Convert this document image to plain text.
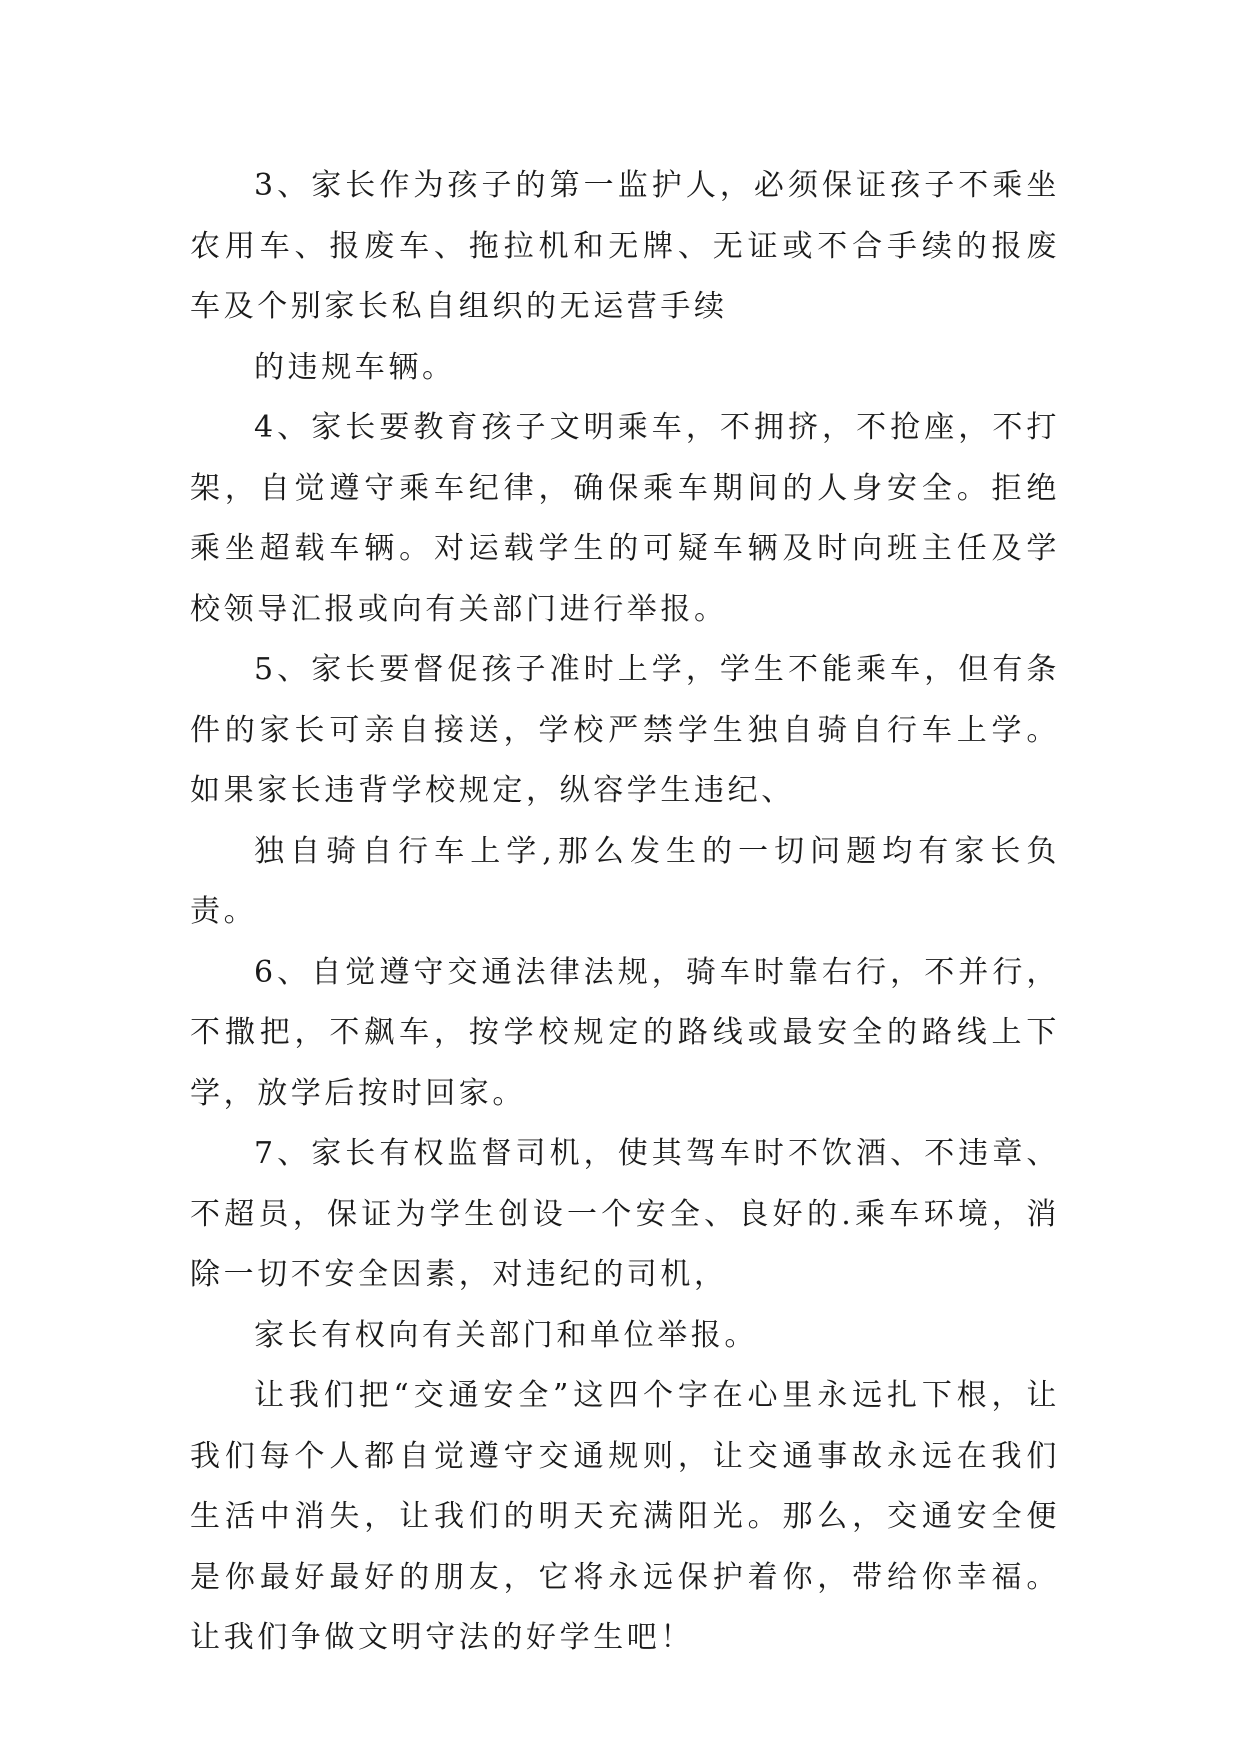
3、家长作为孩子的第一监护人，必须保证孩子不乘坐农用车、报废车、拖拉机和无牌、无证或不合手续的报废车及个别家长私自组织的无运营手续

的违规车辆。

4、家长要教育孩子文明乘车，不拥挤，不抢座，不打架，自觉遵守乘车纪律，确保乘车期间的人身安全。拒绝乘坐超载车辆。对运载学生的可疑车辆及时向班主任及学校领导汇报或向有关部门进行举报。

5、家长要督促孩子准时上学，学生不能乘车，但有条件的家长可亲自接送，学校严禁学生独自骑自行车上学。如果家长违背学校规定，纵容学生违纪、

独自骑自行车上学,那么发生的一切问题均有家长负责。

6、自觉遵守交通法律法规，骑车时靠右行，不并行，不撒把，不飙车，按学校规定的路线或最安全的路线上下学，放学后按时回家。

7、家长有权监督司机，使其驾车时不饮酒、不违章、不超员，保证为学生创设一个安全、良好的.乘车环境，消除一切不安全因素，对违纪的司机，

家长有权向有关部门和单位举报。

让我们把“交通安全”这四个字在心里永远扎下根，让我们每个人都自觉遵守交通规则，让交通事故永远在我们生活中消失，让我们的明天充满阳光。那么，交通安全便是你最好最好的朋友，它将永远保护着你，带给你幸福。让我们争做文明守法的好学生吧！
